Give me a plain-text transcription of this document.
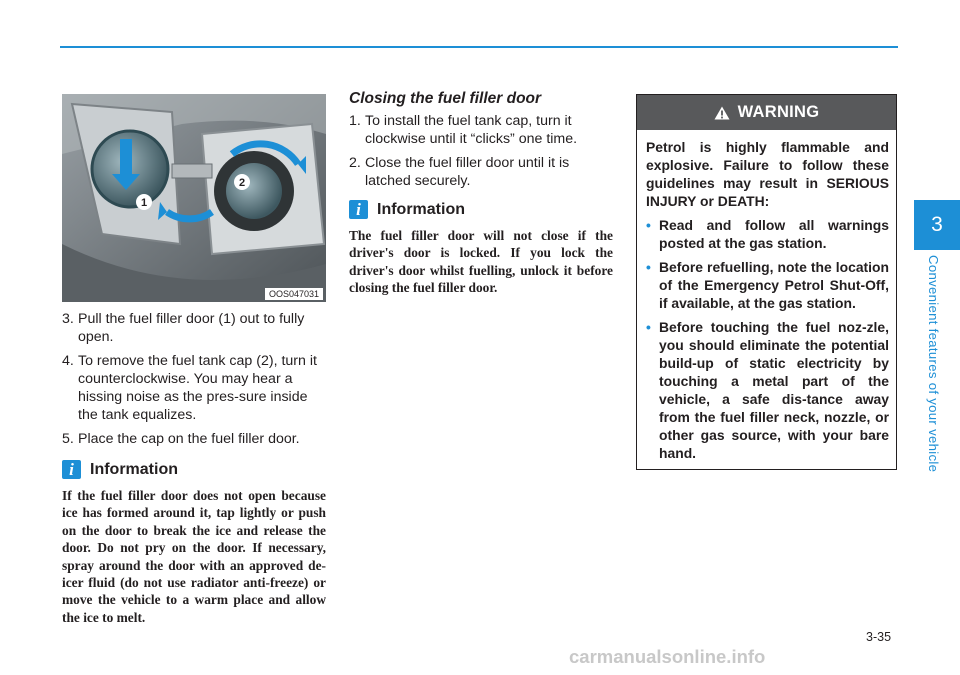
1
2
OOS047031
3. Pull the fuel filler door (1) out to fully open.
4. To remove the fuel tank cap (2), turn it counterclockwise. You may hear a hissing noise as the pres-sure inside the tank equalizes.
5. Place the cap on the fuel filler door.
i	Information

If the fuel filler door does not open because ice has formed around it, tap lightly or push on the door to break the ice and release the door. Do not pry on the door. If necessary, spray around the door with an approved de-icer fluid (do not use radiator anti-freeze) or move the vehicle to a warm place and allow the ice to melt.

Closing the fuel filler door
1. To install the fuel tank cap, turn it clockwise until it “clicks” one time.
2. Close the fuel filler door until it is latched securely.
i	Information

The fuel filler door will not close if the driver's door is locked. If you lock the driver's door whilst fuelling, unlock it before closing the fuel filler door.

WARNING

Petrol is highly flammable and explosive. Failure to follow these guidelines may result in SERIOUS INJURY or DEATH:

• Read and follow all warnings posted at the gas station.
• Before refuelling, note the location of the Emergency Petrol Shut-Off, if available, at the gas station.
• Before touching the fuel noz-zle, you should eliminate the potential build-up of static electricity by touching a metal part of the vehicle, a safe dis-tance away from the fuel filler neck, nozzle, or other gas source, with your bare hand.
3
Convenient features of your vehicle
3-35
carmanualsonline.info
